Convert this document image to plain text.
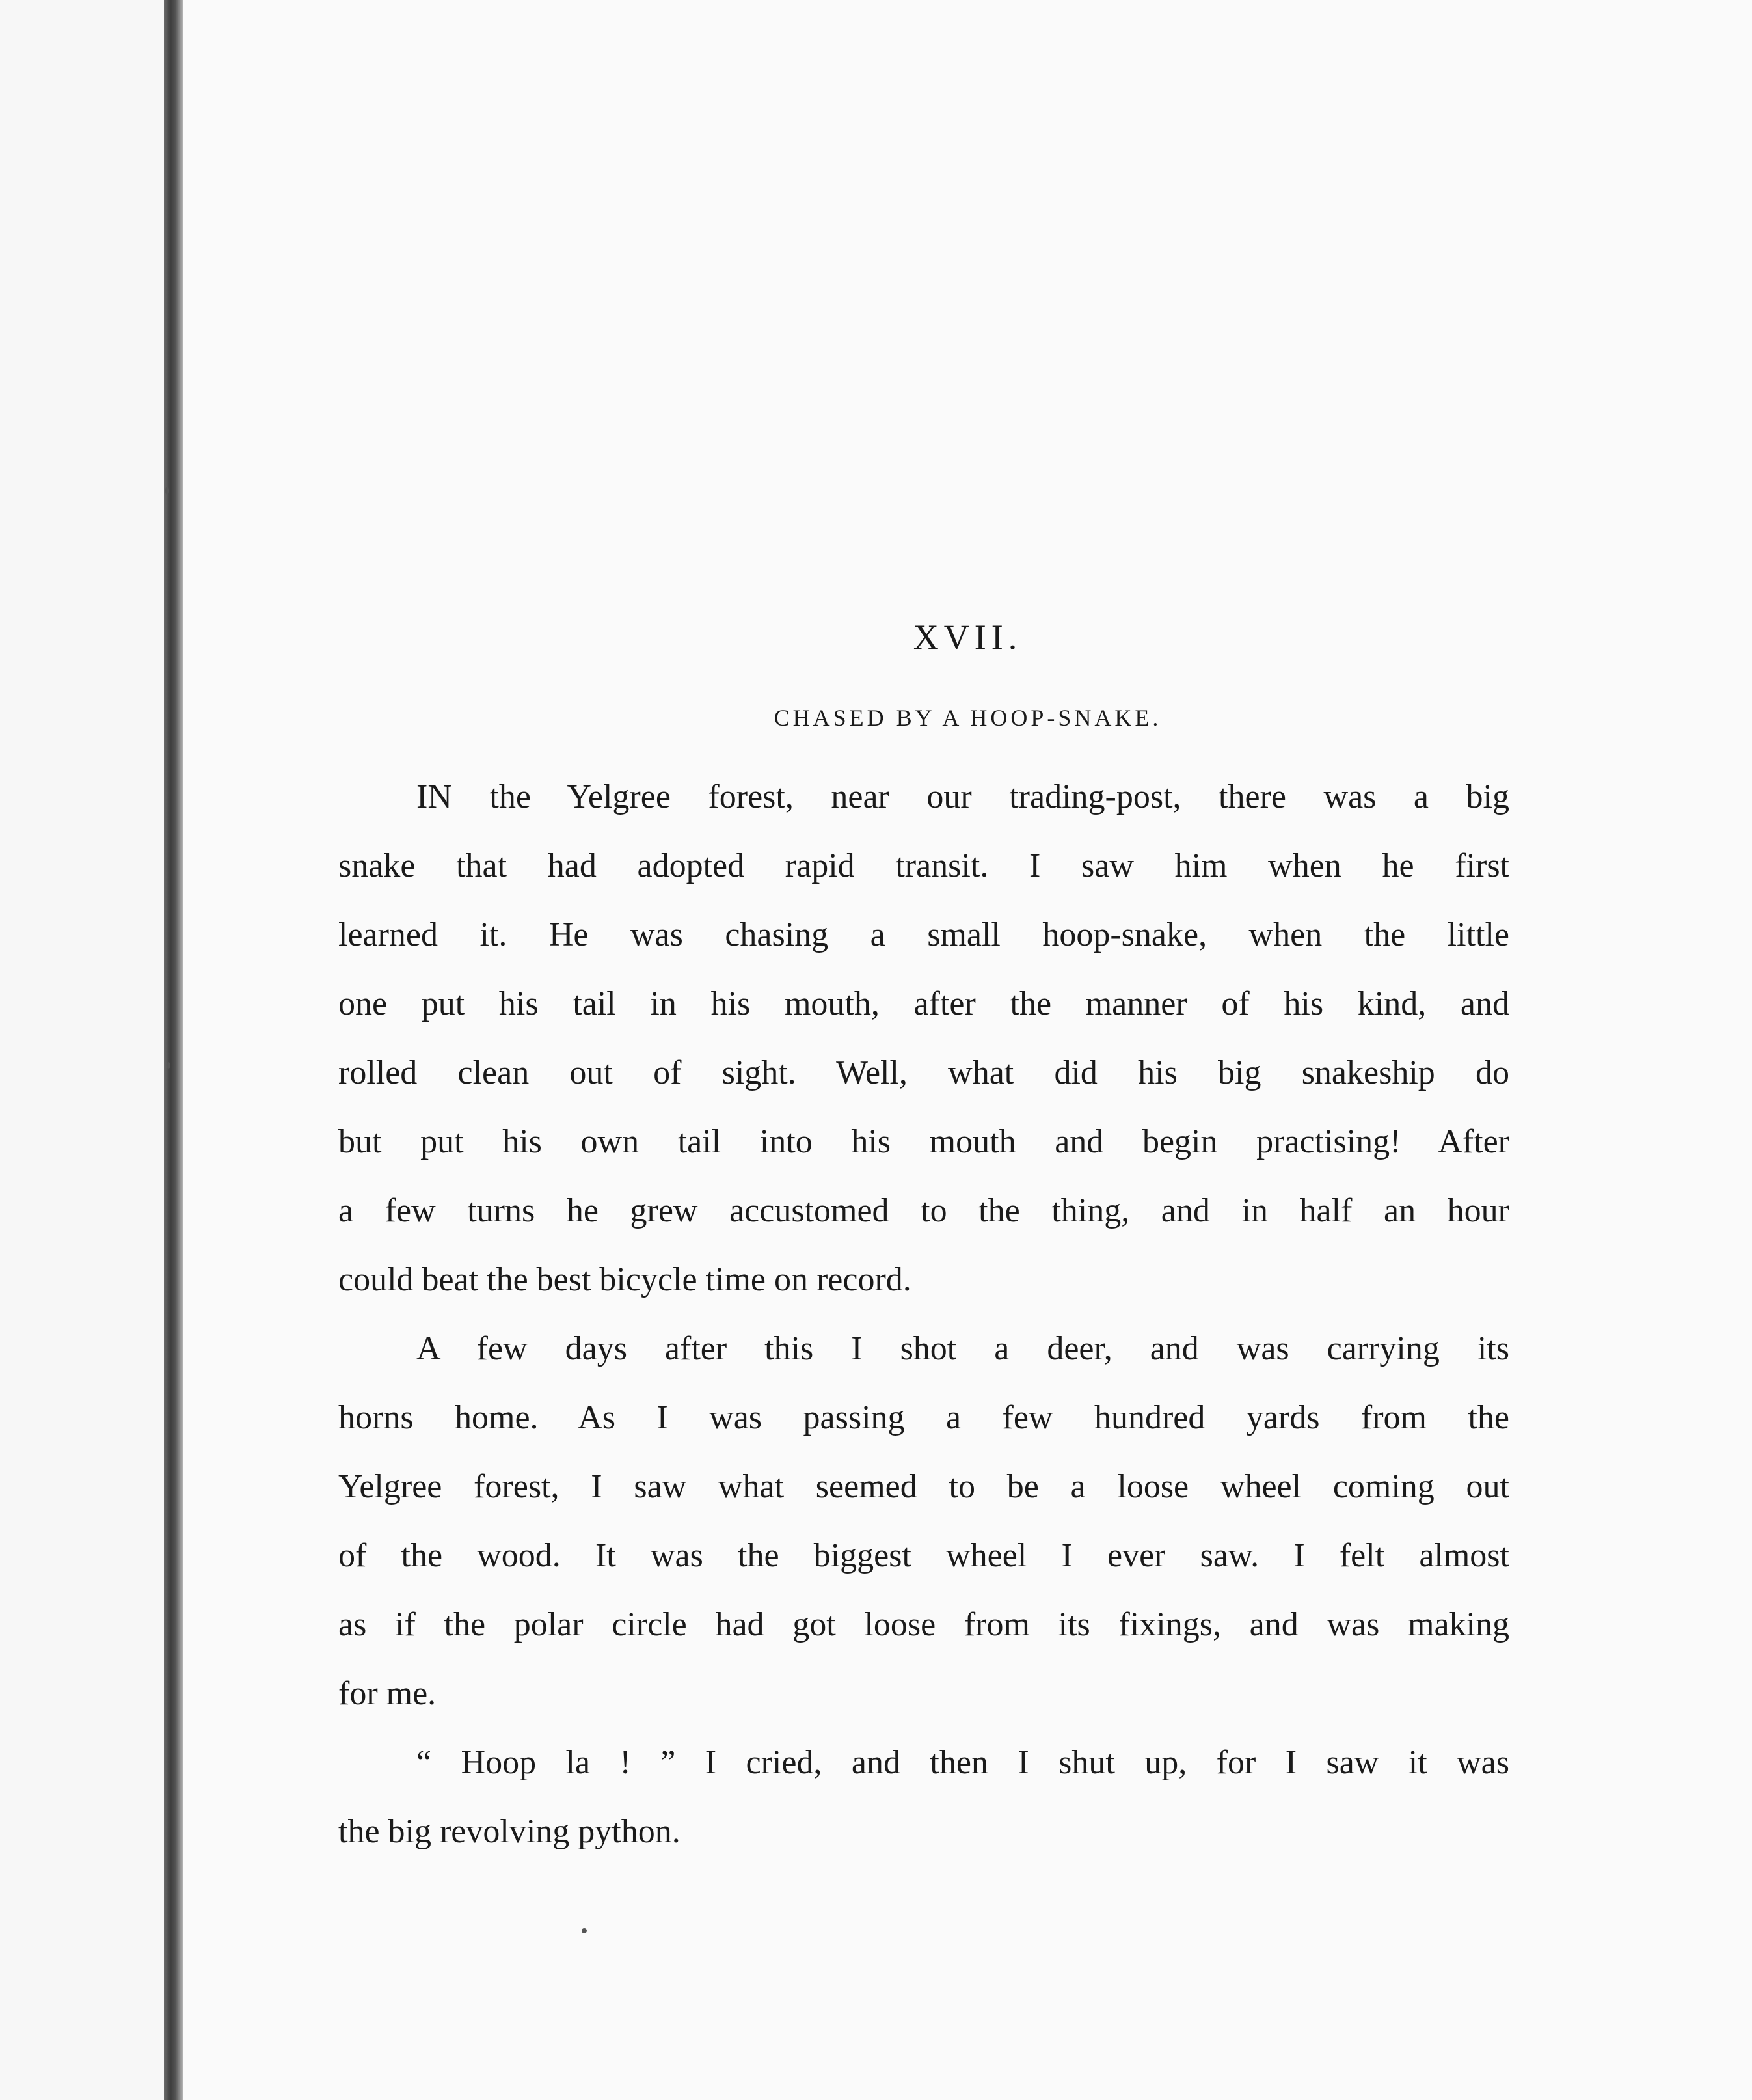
XVII.
CHASED BY A HOOP-SNAKE.
IN the Yelgree forest, near our trading-post, there was a big
snake that had adopted rapid transit. I saw him when he first
learned it. He was chasing a small hoop-snake, when the little
one put his tail in his mouth, after the manner of his kind, and
rolled clean out of sight. Well, what did his big snakeship do
but put his own tail into his mouth and begin practising! After
a few turns he grew accustomed to the thing, and in half an hour
could beat the best bicycle time on record.
A few days after this I shot a deer, and was carrying its
horns home. As I was passing a few hundred yards from the
Yelgree forest, I saw what seemed to be a loose wheel coming out
of the wood. It was the biggest wheel I ever saw. I felt almost
as if the polar circle had got loose from its fixings, and was making
for me.
“ Hoop la ! ” I cried, and then I shut up, for I saw it was
the big revolving python.
